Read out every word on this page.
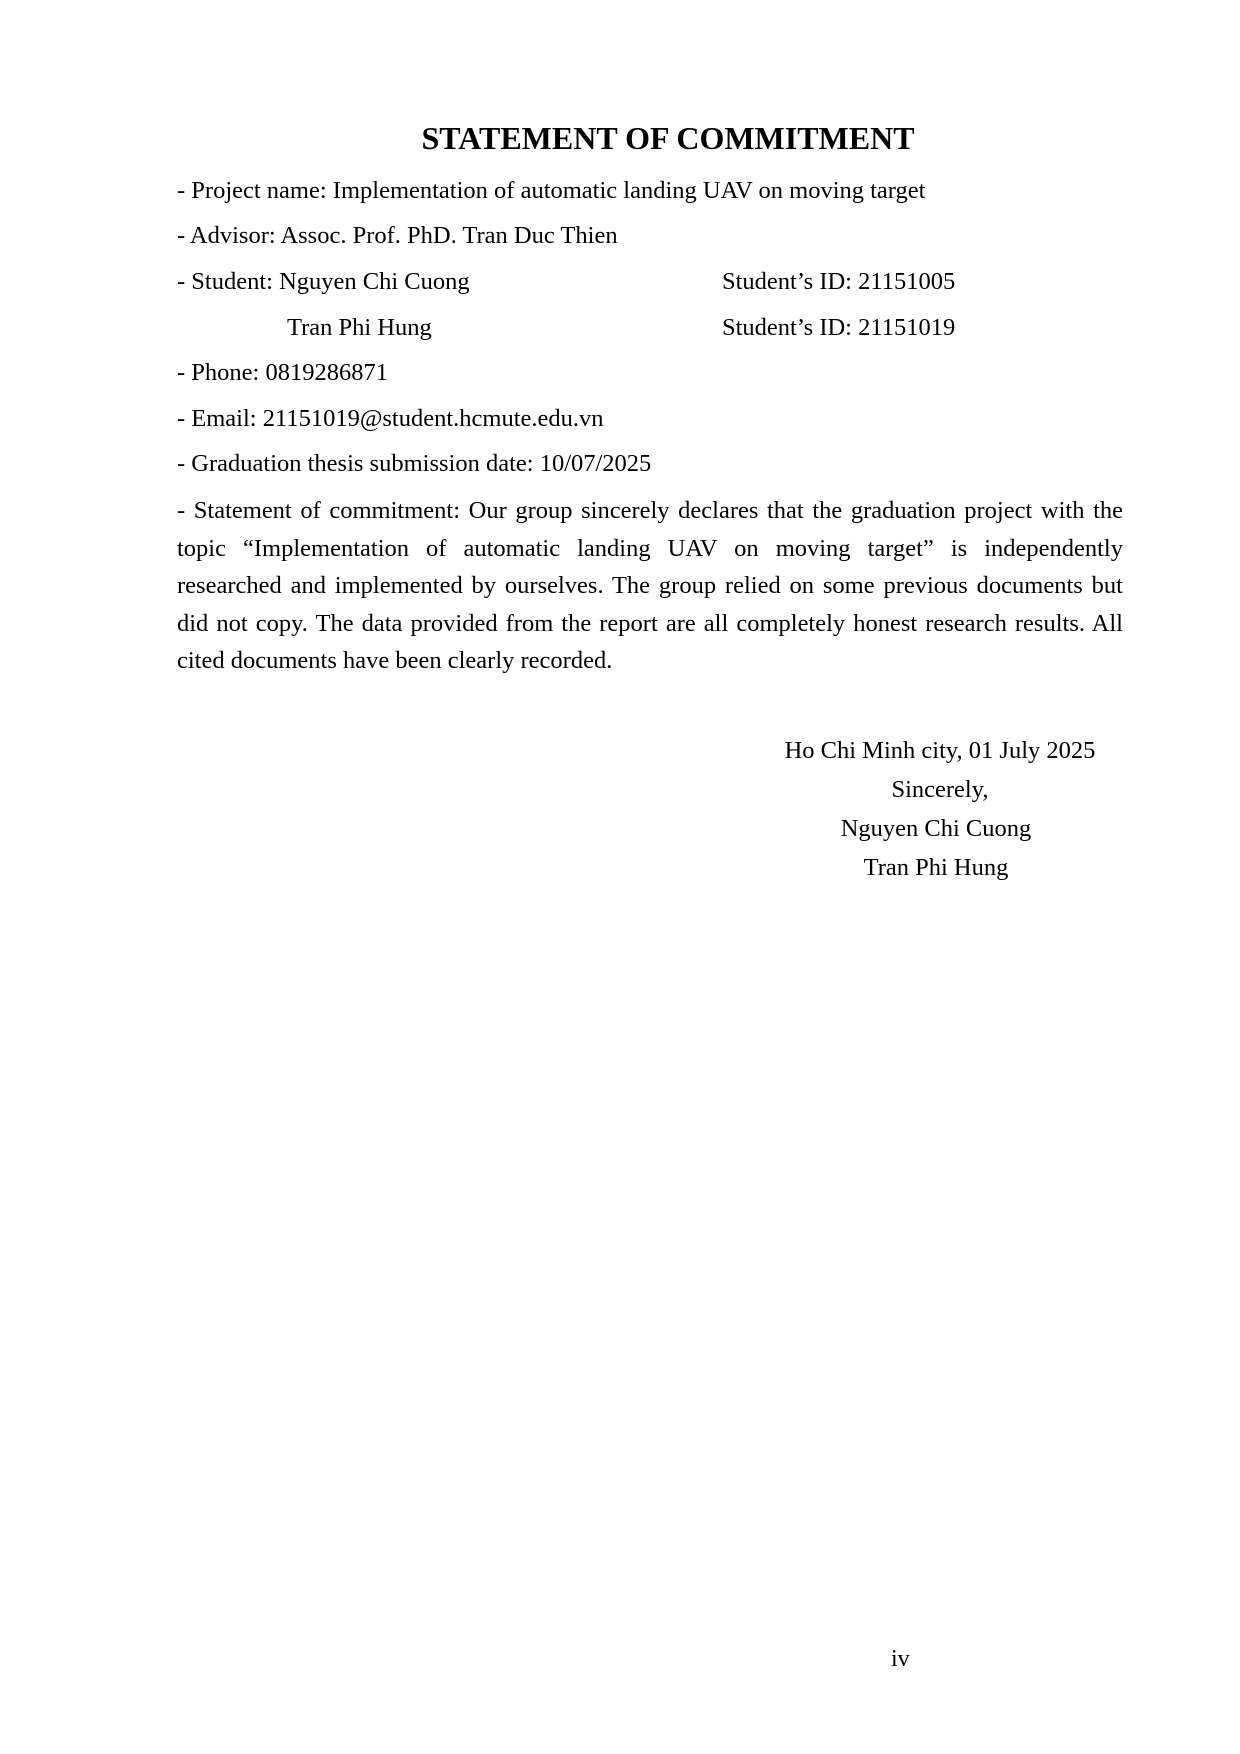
STATEMENT OF COMMITMENT
- Project name: Implementation of automatic landing UAV on moving target
- Advisor: Assoc. Prof. PhD. Tran Duc Thien
- Student: Nguyen Chi Cuong	Student’s ID: 21151005
Tran Phi Hung	Student’s ID: 21151019
- Phone: 0819286871
- Email: 21151019@student.hcmute.edu.vn
- Graduation thesis submission date: 10/07/2025
- Statement of commitment: Our group sincerely declares that the graduation project with the topic “Implementation of automatic landing UAV on moving target” is independently researched and implemented by ourselves. The group relied on some previous documents but did not copy. The data provided from the report are all completely honest research results. All cited documents have been clearly recorded.
Ho Chi Minh city, 01 July 2025
Sincerely,
Nguyen Chi Cuong
Tran Phi Hung
iv
